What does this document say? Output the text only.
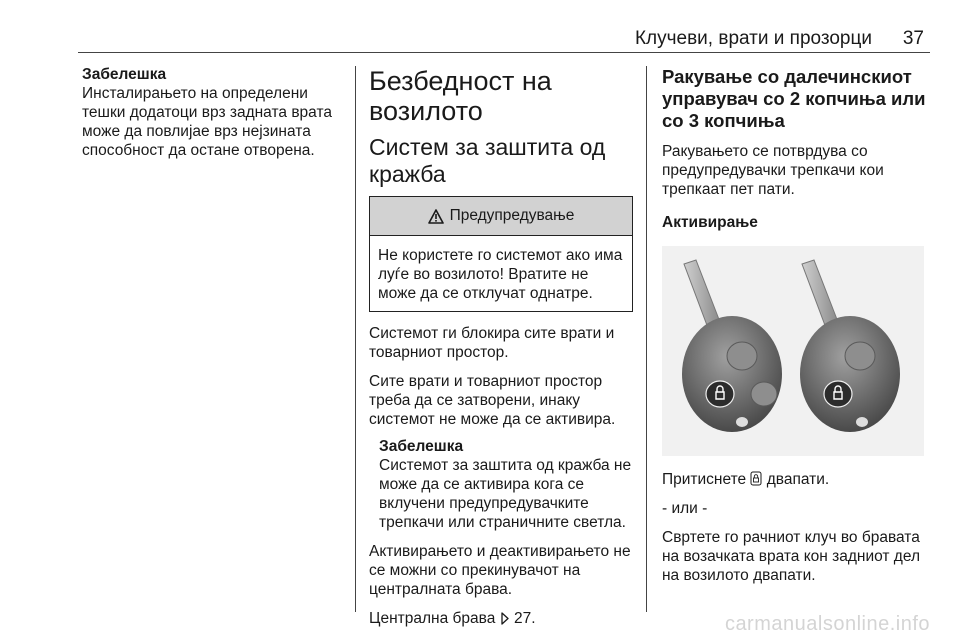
Клучеви, врати и прозорци 37

Забелешка

Инсталирањето на определени тешки додатоци врз задната врата може да повлијае врз нејзината способност да остане отворена.

Безбедност на возилото
Систем за заштита од кражба
Предупредување
Не користете го системот ако има луѓе во возилото! Вратите не може да се отклучат однатре.

Системот ги блокира сите врати и товарниот простор.

Сите врати и товарниот простор треба да се затворени, инаку системот не може да се активира.

Забелешка

Системот за заштита од кражба не може да се активира кога се вклучени предупредувачките трепкачи или страничните светла.

Активирањето и деактивирањето не се можни со прекинувачот на централната брава.

Централна брава 27.

Ракување со далечинскиот управувач со 2 копчиња или со 3 копчиња

Ракувањето се потврдува со предупредувачки трепкачи кои трепкаат пет пати.

Активирање

Притиснете двапати.

- или -

Свртете го рачниот клуч во бравата на возачката врата кон задниот дел на возилото двапати.

carmanualsonline.info
